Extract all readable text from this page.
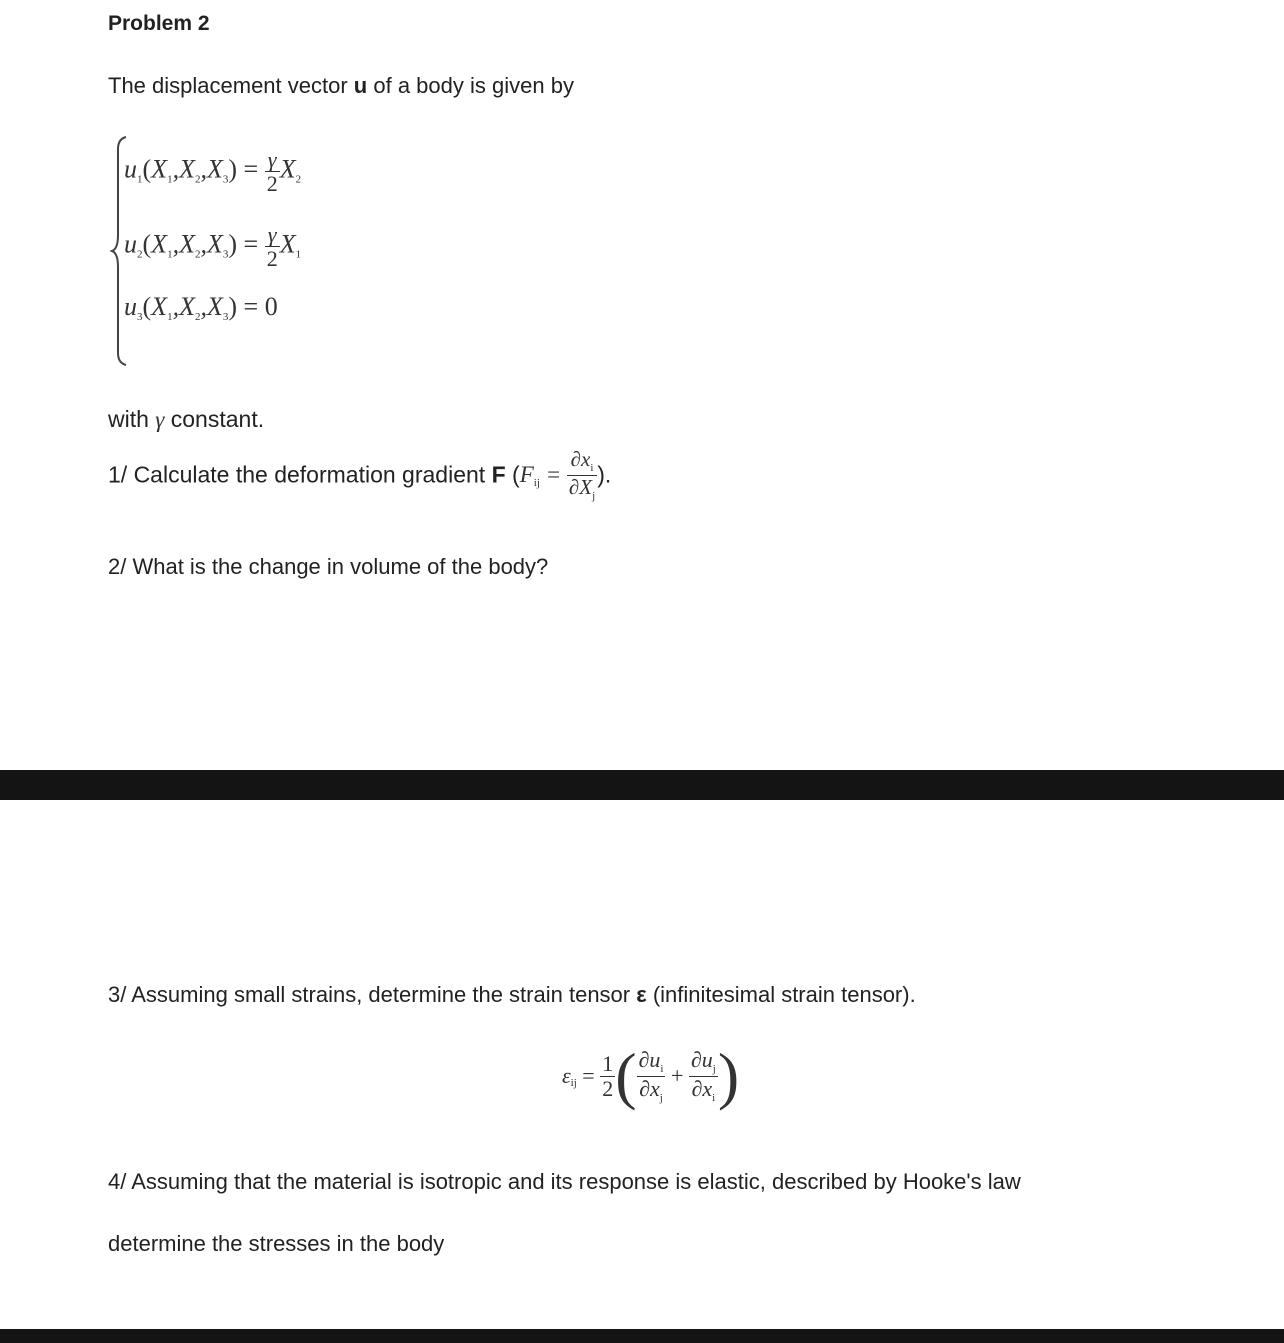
Problem 2
The displacement vector u of a body is given by
$u_1(X_1,X_2,X_3) = \frac{\gamma}{2} X_2$
$u_2(X_1,X_2,X_3) = \frac{\gamma}{2} X_1$
$u_3(X_1,X_2,X_3) = 0$
with γ constant.
1/ Calculate the deformation gradient F ($F_{ij} = \frac{\partial x_i}{\partial X_j}$ ).
2/ What is the change in volume of the body?
3/ Assuming small strains, determine the strain tensor ε (infinitesimal strain tensor).
$\varepsilon_{ij} = \frac{1}{2}$ ( $\frac{\partial u_i}{\partial x_j} + \frac{\partial u_j}{\partial x_i}$ )
4/ Assuming that the material is isotropic and its response is elastic, described by Hooke's law
determine the stresses in the body
